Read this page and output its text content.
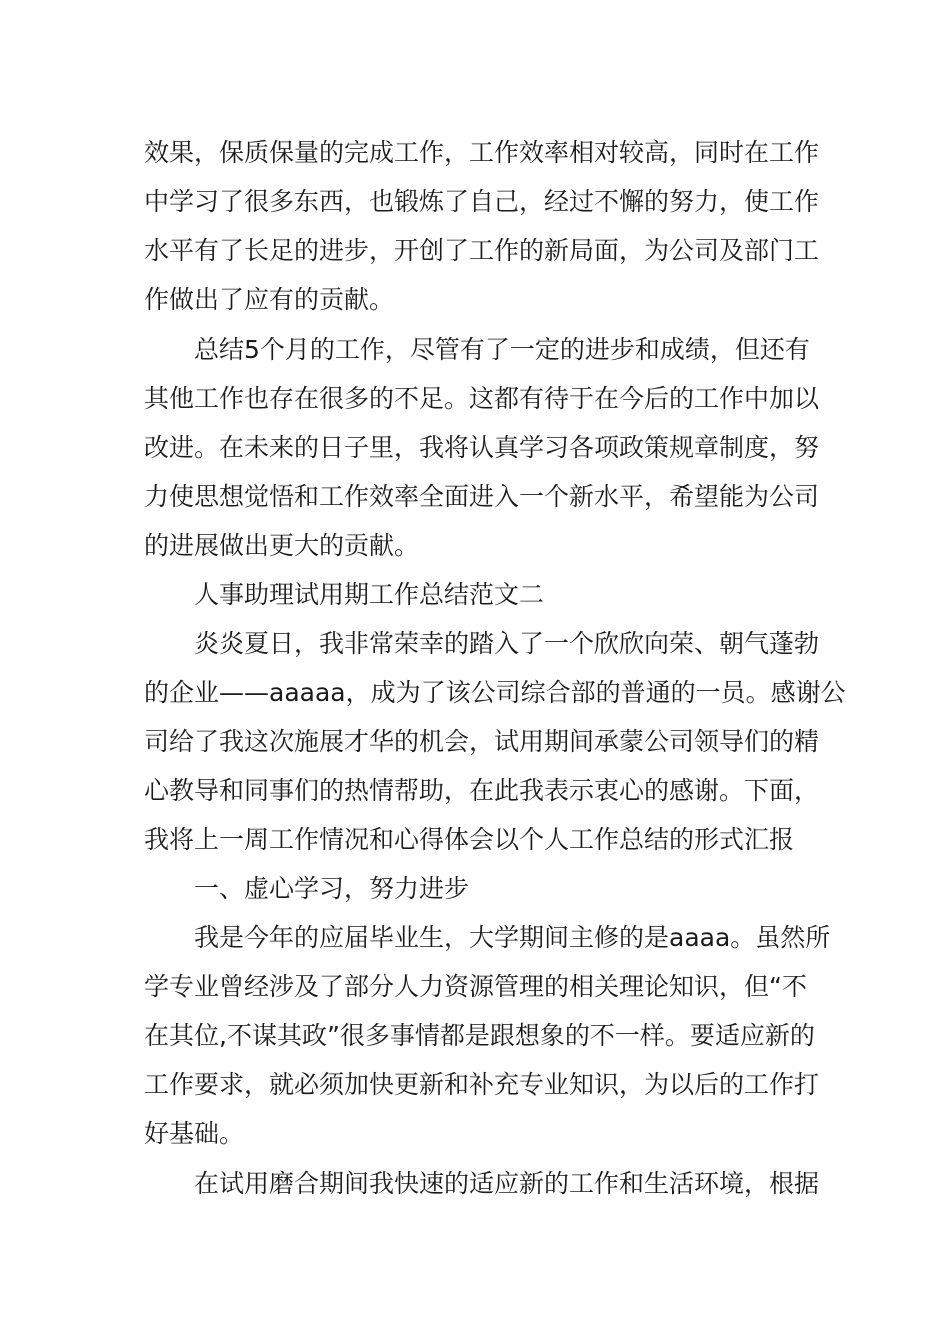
效果，保质保量的完成工作，工作效率相对较高，同时在工作
中学习了很多东西，也锻炼了自己，经过不懈的努力，使工作
水平有了长足的进步，开创了工作的新局面，为公司及部门工
作做出了应有的贡献。
总结5个月的工作，尽管有了一定的进步和成绩，但还有
其他工作也存在很多的不足。这都有待于在今后的工作中加以
改进。在未来的日子里，我将认真学习各项政策规章制度，努
力使思想觉悟和工作效率全面进入一个新水平，希望能为公司
的进展做出更大的贡献。
人事助理试用期工作总结范文二
炎炎夏日，我非常荣幸的踏入了一个欣欣向荣、朝气蓬勃
的企业——aaaaa，成为了该公司综合部的普通的一员。感谢公
司给了我这次施展才华的机会，试用期间承蒙公司领导们的精
心教导和同事们的热情帮助，在此我表示衷心的感谢。下面，
我将上一周工作情况和心得体会以个人工作总结的形式汇报
一、虚心学习，努力进步
我是今年的应届毕业生，大学期间主修的是aaaa。虽然所
学专业曾经涉及了部分人力资源管理的相关理论知识，但“不
在其位,不谋其政”很多事情都是跟想象的不一样。要适应新的
工作要求，就必须加快更新和补充专业知识，为以后的工作打
好基础。
在试用磨合期间我快速的适应新的工作和生活环境，根据
